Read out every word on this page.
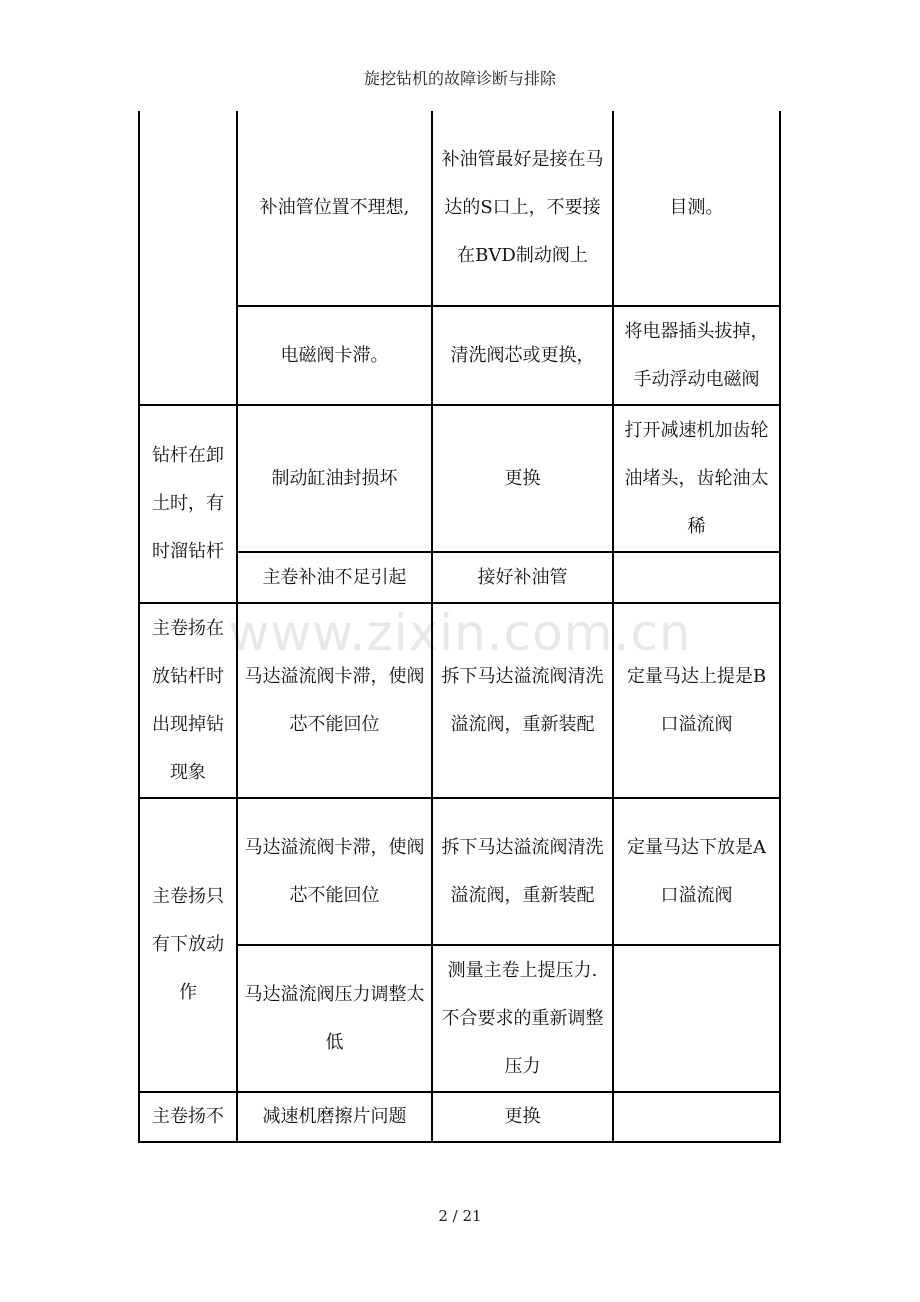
旋挖钻机的故障诊断与排除
www.zixin.com.cn
	补油管位置不理想,	补油管最好是接在马达的S口上，不要接在BVD制动阀上	目测。
	电磁阀卡滞。	清洗阀芯或更换，	将电器插头拔掉，手动浮动电磁阀
钻杆在卸土时，有时溜钻杆	制动缸油封损坏	更换	打开减速机加齿轮油堵头，齿轮油太稀
	主卷补油不足引起	接好补油管	
主卷扬在放钻杆时出现掉钻现象	马达溢流阀卡滞，使阀芯不能回位	拆下马达溢流阀清洗溢流阀，重新装配	定量马达上提是B口溢流阀
主卷扬只有下放动作	马达溢流阀卡滞，使阀芯不能回位	拆下马达溢流阀清洗溢流阀，重新装配	定量马达下放是A口溢流阀
	马达溢流阀压力调整太低	测量主卷上提压力.不合要求的重新调整压力	
主卷扬不	减速机磨擦片问题	更换	
2 / 21
